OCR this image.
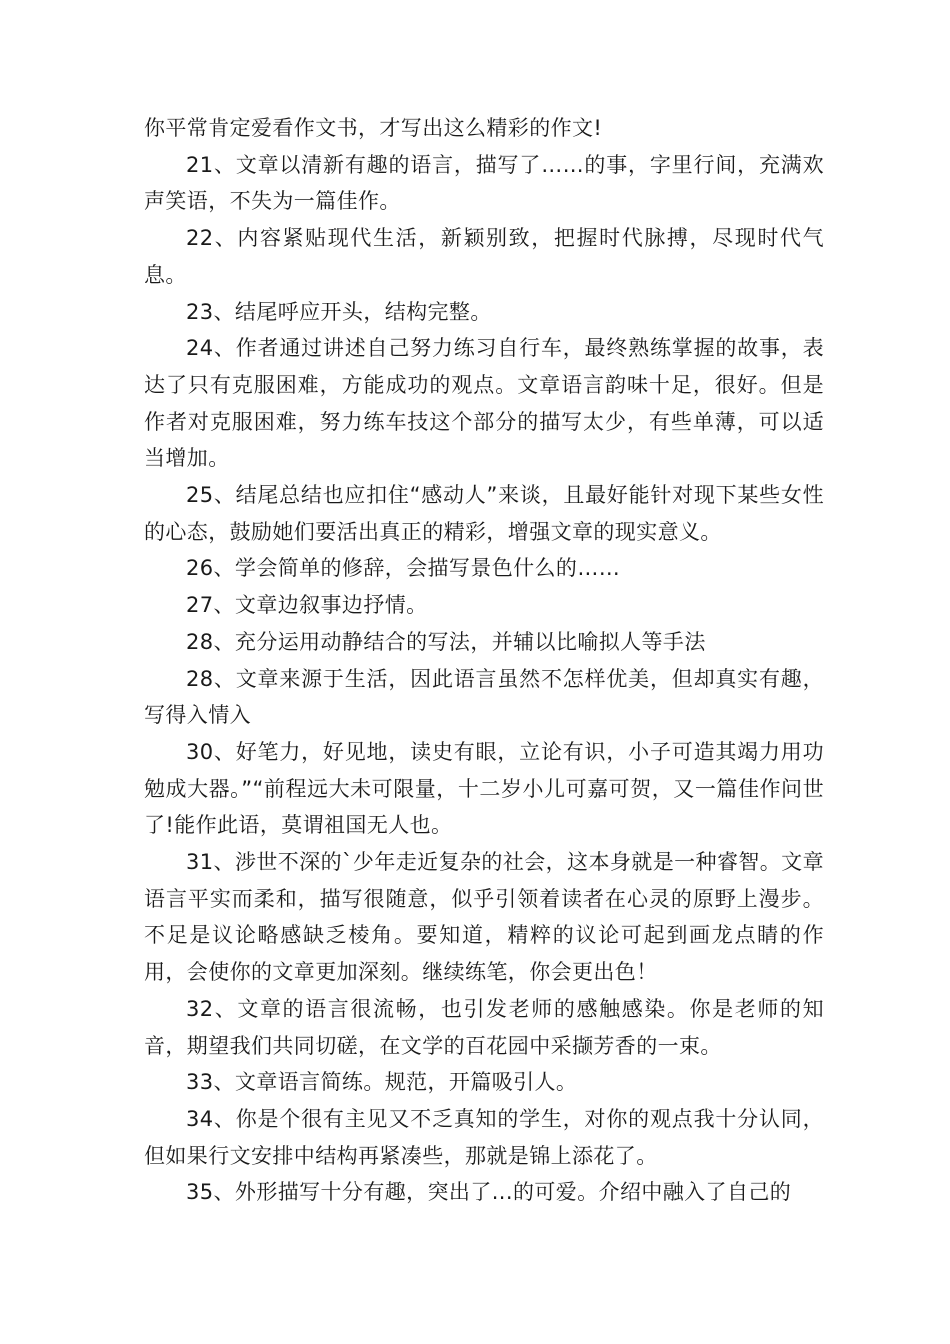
你平常肯定爱看作文书，才写出这么精彩的作文!

21、文章以清新有趣的语言，描写了……的事，字里行间，充满欢声笑语，不失为一篇佳作。

22、内容紧贴现代生活，新颖别致，把握时代脉搏，尽现时代气息。

23、结尾呼应开头，结构完整。

24、作者通过讲述自己努力练习自行车，最终熟练掌握的故事，表达了只有克服困难，方能成功的观点。文章语言韵味十足，很好。但是作者对克服困难，努力练车技这个部分的描写太少，有些单薄，可以适当增加。

25、结尾总结也应扣住“感动人”来谈，且最好能针对现下某些女性的心态，鼓励她们要活出真正的精彩，增强文章的现实意义。

26、学会简单的修辞，会描写景色什么的……

27、文章边叙事边抒情。

28、充分运用动静结合的写法，并辅以比喻拟人等手法

28、文章来源于生活，因此语言虽然不怎样优美，但却真实有趣，写得入情入

30、好笔力，好见地，读史有眼，立论有识，小子可造其竭力用功勉成大器。”“前程远大未可限量，十二岁小儿可嘉可贺，又一篇佳作问世了!能作此语，莫谓祖国无人也。

31、涉世不深的`少年走近复杂的社会，这本身就是一种睿智。文章语言平实而柔和，描写很随意，似乎引领着读者在心灵的原野上漫步。不足是议论略感缺乏棱角。要知道，精粹的议论可起到画龙点睛的作用，会使你的文章更加深刻。继续练笔，你会更出色！

32、文章的语言很流畅，也引发老师的感触感染。你是老师的知音，期望我们共同切磋，在文学的百花园中采撷芳香的一束。

33、文章语言简练。规范，开篇吸引人。

34、你是个很有主见又不乏真知的学生，对你的观点我十分认同，但如果行文安排中结构再紧凑些，那就是锦上添花了。

35、外形描写十分有趣，突出了...的可爱。介绍中融入了自己的
